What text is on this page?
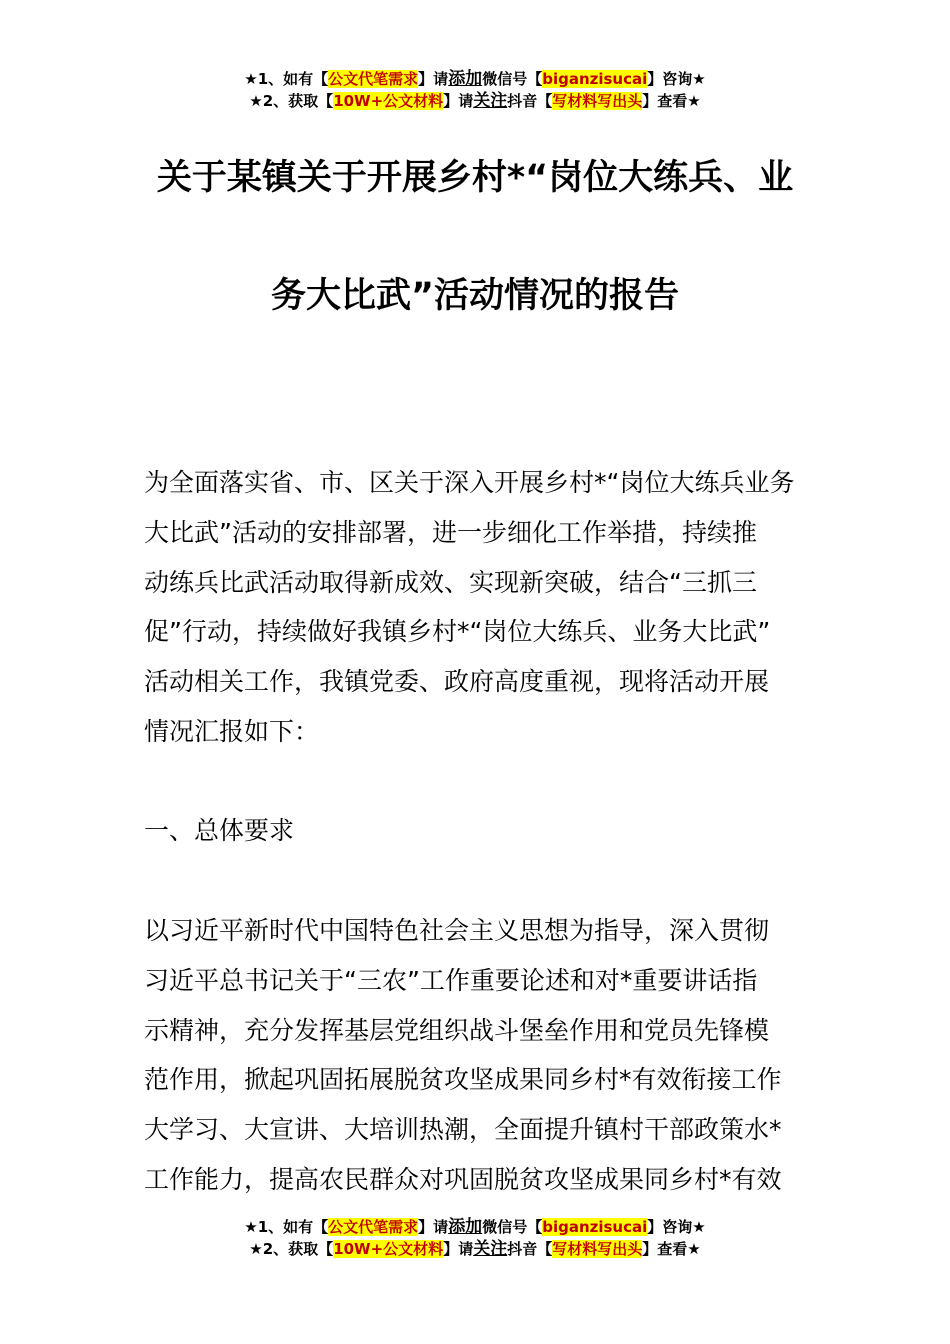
★1、如有【公文代笔需求】请添加微信号【biganzisucai】咨询★
★2、获取【10W+公文材料】请关注抖音【写材料写出头】查看★
关于某镇关于开展乡村*“岗位大练兵、业
务大比武”活动情况的报告
为全面落实省、市、区关于深入开展乡村*“岗位大练兵业务
大比武”活动的安排部署，进一步细化工作举措，持续推
动练兵比武活动取得新成效、实现新突破，结合“三抓三
促”行动，持续做好我镇乡村*“岗位大练兵、业务大比武”
活动相关工作，我镇党委、政府高度重视，现将活动开展
情况汇报如下：
一、总体要求
以习近平新时代中国特色社会主义思想为指导，深入贯彻
习近平总书记关于“三农”工作重要论述和对*重要讲话指
示精神，充分发挥基层党组织战斗堡垒作用和党员先锋模
范作用，掀起巩固拓展脱贫攻坚成果同乡村*有效衔接工作
大学习、大宣讲、大培训热潮，全面提升镇村干部政策水*
工作能力，提高农民群众对巩固脱贫攻坚成果同乡村*有效
★1、如有【公文代笔需求】请添加微信号【biganzisucai】咨询★
★2、获取【10W+公文材料】请关注抖音【写材料写出头】查看★
